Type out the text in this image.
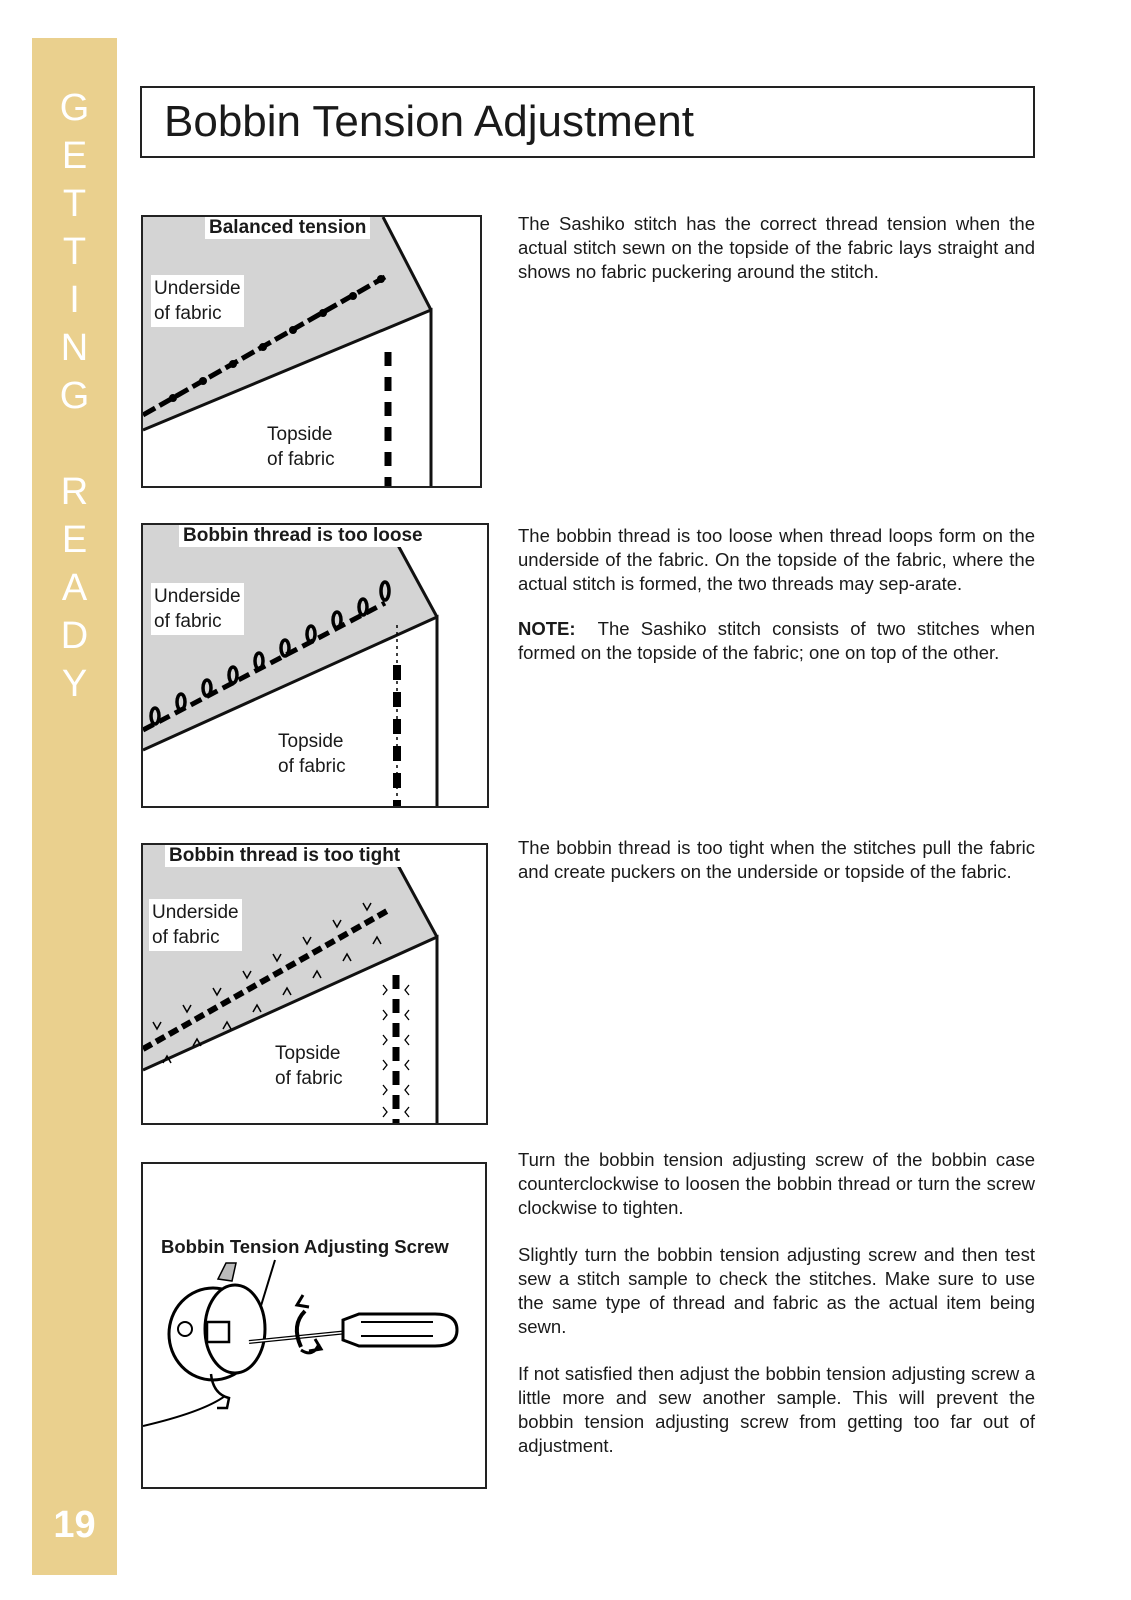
G
E
T
T
I
N
G
R
E
A
D
Y
19
Bobbin Tension Adjustment
Balanced tension
Underside
of fabric
Topside
of fabric
Bobbin thread is too loose
Underside
of fabric
Topside
of fabric
Bobbin thread is too tight
Underside
of fabric
Topside
of fabric
Bobbin Tension Adjusting Screw

The Sashiko stitch has the correct thread tension when the actual stitch sewn on the topside of the fabric lays straight and shows no fabric puckering around the stitch.

The bobbin thread is too loose when thread loops form on the underside of the fabric. On the topside of the fabric, where the actual stitch is formed, the two threads may sep-arate.

NOTE: The Sashiko stitch consists of two stitches when formed on the topside of the fabric; one on top of the other.

The bobbin thread is too tight when the stitches pull the fabric and create puckers on the underside or topside of the fabric.

Turn the bobbin tension adjusting screw of the bobbin case counterclockwise to loosen the bobbin thread or turn the screw clockwise to tighten.

Slightly turn the bobbin tension adjusting screw and then test sew a stitch sample to check the stitches. Make sure to use the same type of thread and fabric as the actual item being sewn.

If not satisfied then adjust the bobbin tension adjusting screw a little more and sew another sample. This will prevent the bobbin tension adjusting screw from getting too far out of adjustment.
